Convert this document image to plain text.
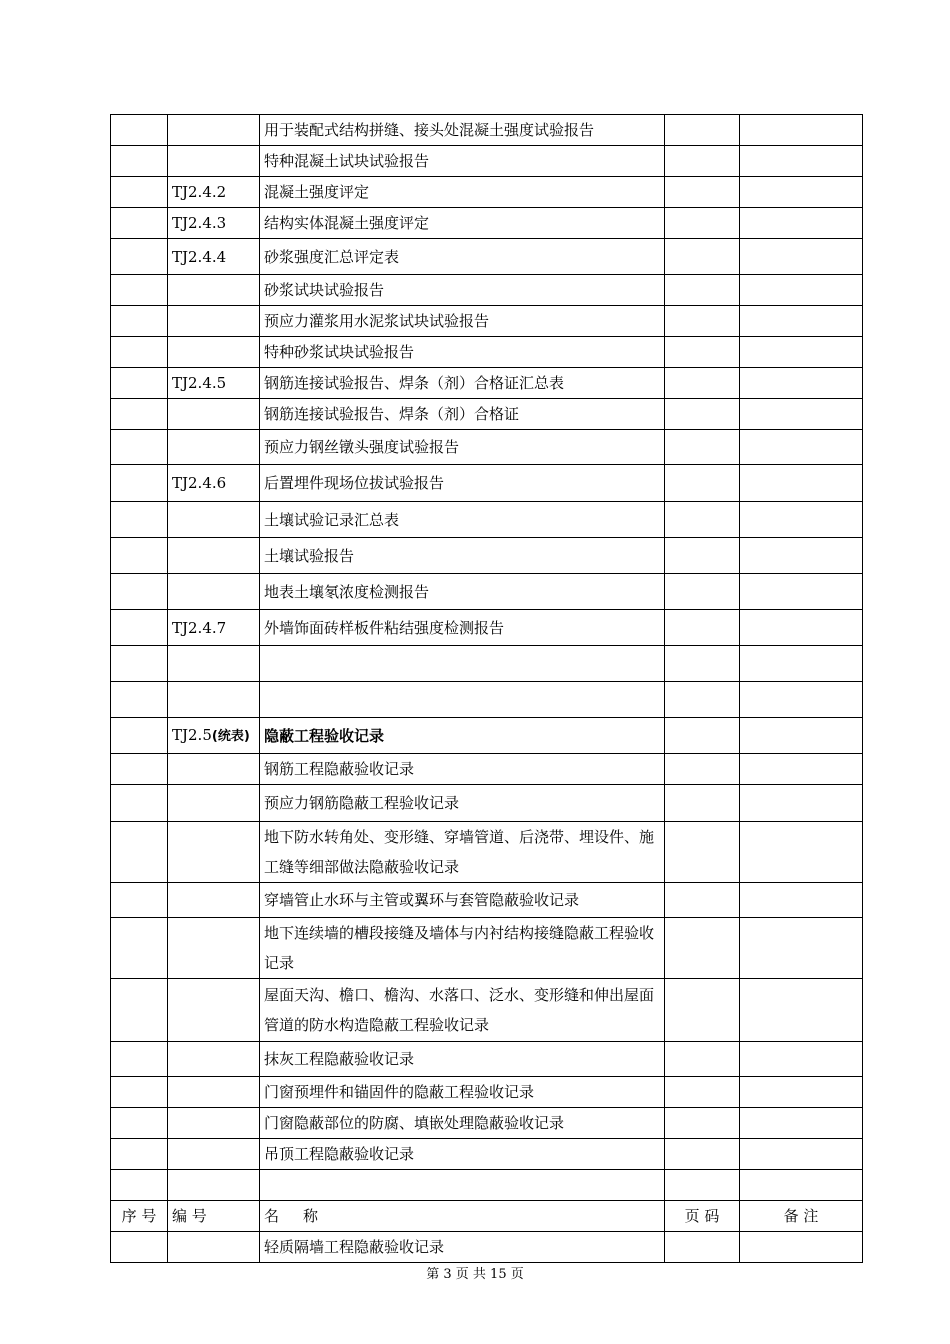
		用于装配式结构拼缝、接头处混凝土强度试验报告		
		特种混凝土试块试验报告		
	TJ2.4.2	混凝土强度评定		
	TJ2.4.3	结构实体混凝土强度评定		
	TJ2.4.4	砂浆强度汇总评定表		
		砂浆试块试验报告		
		预应力灌浆用水泥浆试块试验报告		
		特种砂浆试块试验报告		
	TJ2.4.5	钢筋连接试验报告、焊条（剂）合格证汇总表		
		钢筋连接试验报告、焊条（剂）合格证		
		预应力钢丝镦头强度试验报告		
	TJ2.4.6	后置埋件现场位拔试验报告		
		土壤试验记录汇总表		
		土壤试验报告		
		地表土壤氡浓度检测报告		
	TJ2.4.7	外墙饰面砖样板件粘结强度检测报告		

	TJ2.5(统表)	隐蔽工程验收记录		
		钢筋工程隐蔽验收记录		
		预应力钢筋隐蔽工程验收记录		
		地下防水转角处、变形缝、穿墙管道、后浇带、埋设件、施工缝等细部做法隐蔽验收记录		
		穿墙管止水环与主管或翼环与套管隐蔽验收记录		
		地下连续墙的槽段接缝及墙体与内衬结构接缝隐蔽工程验收记录		
		屋面天沟、檐口、檐沟、水落口、泛水、变形缝和伸出屋面管道的防水构造隐蔽工程验收记录		
		抹灰工程隐蔽验收记录		
		门窗预埋件和锚固件的隐蔽工程验收记录		
		门窗隐蔽部位的防腐、填嵌处理隐蔽验收记录		
		吊顶工程隐蔽验收记录		

序 号	编 号	名 称	页 码	备 注
		轻质隔墙工程隐蔽验收记录		
第 3 页 共 15 页
